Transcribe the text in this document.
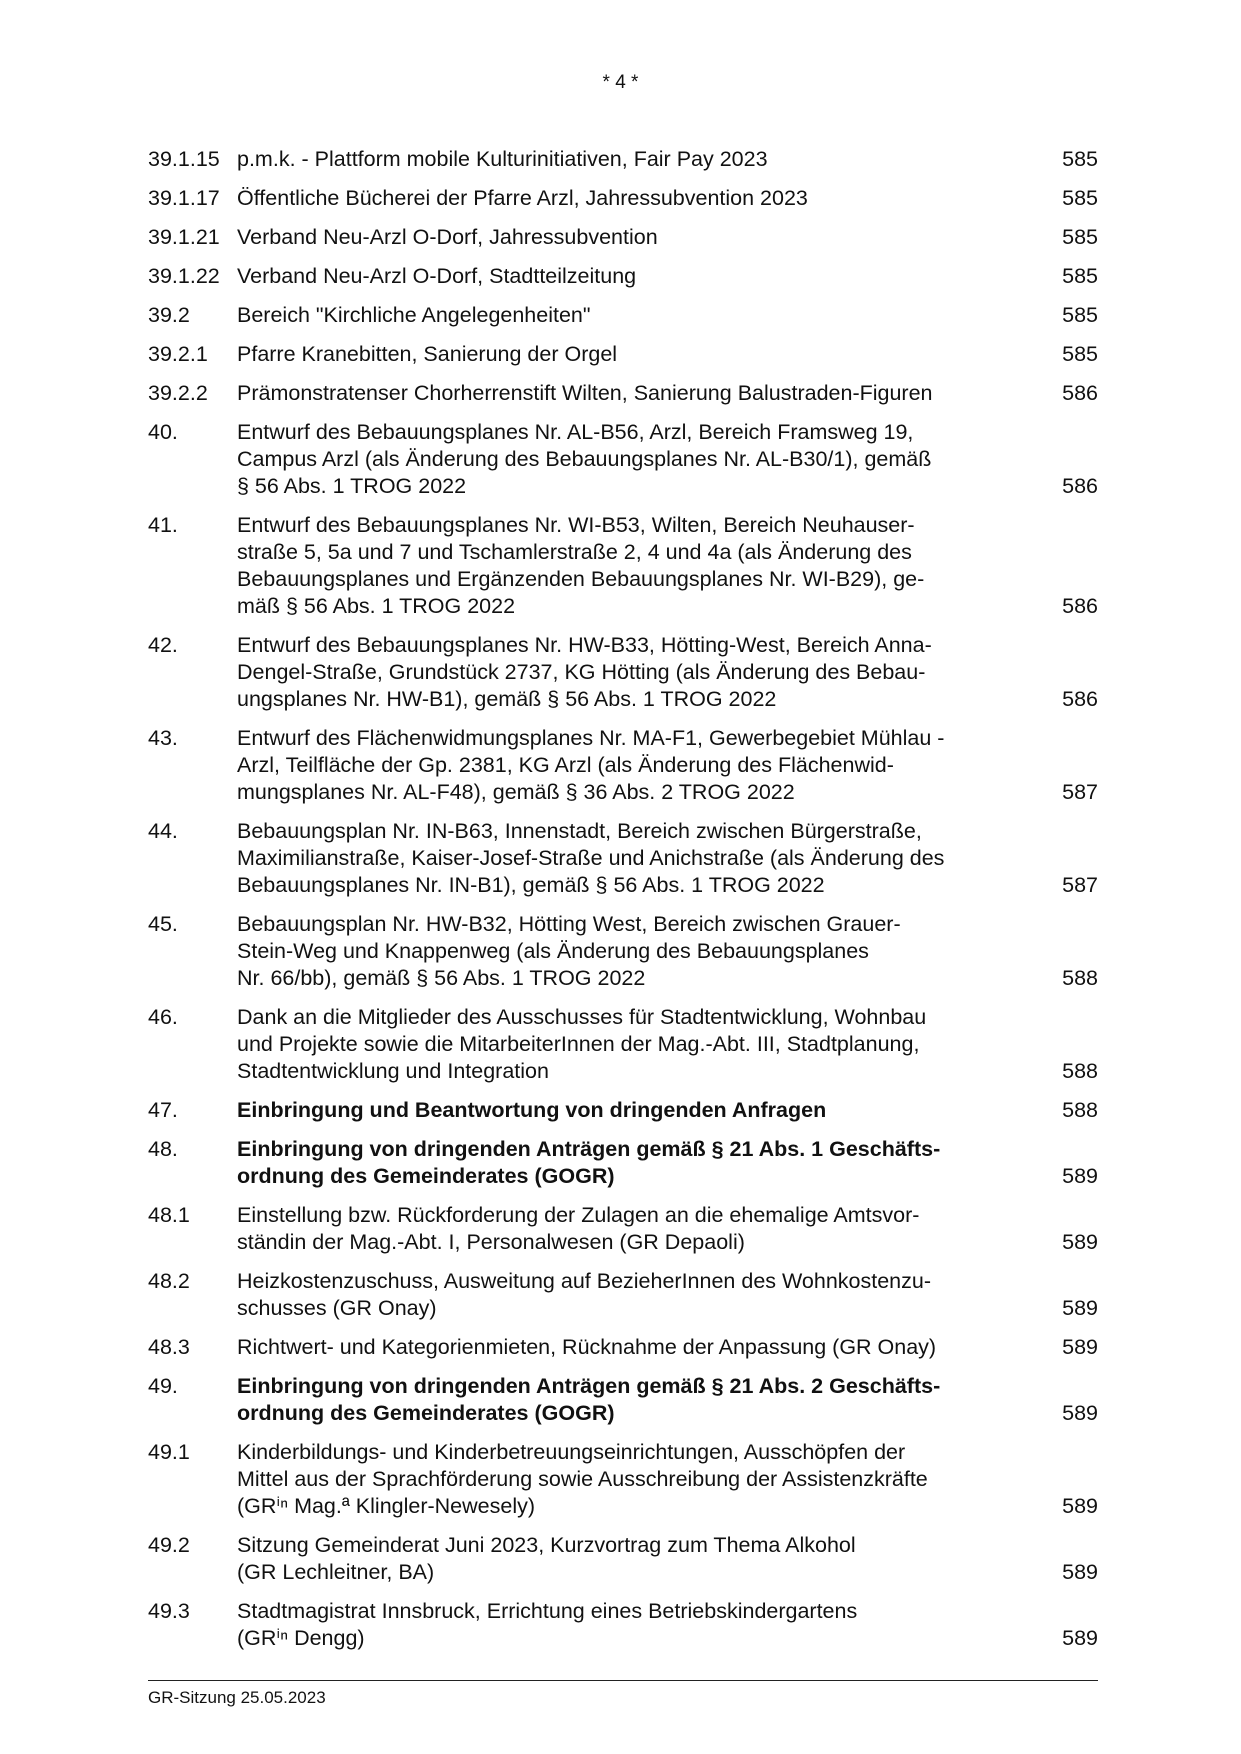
* 4 *
39.1.15 p.m.k. - Plattform mobile Kulturinitiativen, Fair Pay 2023	585
39.1.17 Öffentliche Bücherei der Pfarre Arzl, Jahressubvention 2023	585
39.1.21 Verband Neu-Arzl O-Dorf, Jahressubvention	585
39.1.22 Verband Neu-Arzl O-Dorf, Stadtteilzeitung	585
39.2	Bereich "Kirchliche Angelegenheiten"	585
39.2.1	Pfarre Kranebitten, Sanierung der Orgel	585
39.2.2	Prämonstratenser Chorherrenstift Wilten, Sanierung Balustraden-Figuren	586
40.	Entwurf des Bebauungsplanes Nr. AL-B56, Arzl, Bereich Framsweg 19,
Campus Arzl (als Änderung des Bebauungsplanes Nr. AL-B30/1), gemäß
§ 56 Abs. 1 TROG 2022	586
41.	Entwurf des Bebauungsplanes Nr. WI-B53, Wilten, Bereich Neuhauser-
straße 5, 5a und 7 und Tschamlerstraße 2, 4 und 4a (als Änderung des
Bebauungsplanes und Ergänzenden Bebauungsplanes Nr. WI-B29), ge-
mäß § 56 Abs. 1 TROG 2022	586
42.	Entwurf des Bebauungsplanes Nr. HW-B33, Hötting-West, Bereich Anna-
Dengel-Straße, Grundstück 2737, KG Hötting (als Änderung des Bebau-
ungsplanes Nr. HW-B1), gemäß § 56 Abs. 1 TROG 2022	586
43.	Entwurf des Flächenwidmungsplanes Nr. MA-F1, Gewerbegebiet Mühlau -
Arzl, Teilfläche der Gp. 2381, KG Arzl (als Änderung des Flächenwid-
mungsplanes Nr. AL-F48), gemäß § 36 Abs. 2 TROG 2022	587
44.	Bebauungsplan Nr. IN-B63, Innenstadt, Bereich zwischen Bürgerstraße,
Maximilianstraße, Kaiser-Josef-Straße und Anichstraße (als Änderung des
Bebauungsplanes Nr. IN-B1), gemäß § 56 Abs. 1 TROG 2022	587
45.	Bebauungsplan Nr. HW-B32, Hötting West, Bereich zwischen Grauer-
Stein-Weg und Knappenweg (als Änderung des Bebauungsplanes
Nr. 66/bb), gemäß § 56 Abs. 1 TROG 2022	588
46.	Dank an die Mitglieder des Ausschusses für Stadtentwicklung, Wohnbau
und Projekte sowie die MitarbeiterInnen der Mag.-Abt. III, Stadtplanung,
Stadtentwicklung und Integration	588
47.	Einbringung und Beantwortung von dringenden Anfragen	588
48.	Einbringung von dringenden Anträgen gemäß § 21 Abs. 1 Geschäfts-
ordnung des Gemeinderates (GOGR)	589
48.1	Einstellung bzw. Rückforderung der Zulagen an die ehemalige Amtsvor-
ständin der Mag.-Abt. I, Personalwesen (GR Depaoli)	589
48.2	Heizkostenzuschuss, Ausweitung auf BezieherInnen des Wohnkostenzu-
schusses (GR Onay)	589
48.3	Richtwert- und Kategorienmieten, Rücknahme der Anpassung (GR Onay)	589
49.	Einbringung von dringenden Anträgen gemäß § 21 Abs. 2 Geschäfts-
ordnung des Gemeinderates (GOGR)	589
49.1	Kinderbildungs- und Kinderbetreuungseinrichtungen, Ausschöpfen der
Mittel aus der Sprachförderung sowie Ausschreibung der Assistenzkräfte
(GRⁱⁿ Mag.ª Klingler-Newesely)	589
49.2	Sitzung Gemeinderat Juni 2023, Kurzvortrag zum Thema Alkohol
(GR Lechleitner, BA)	589
49.3	Stadtmagistrat Innsbruck, Errichtung eines Betriebskindergartens
(GRⁱⁿ Dengg)	589
GR-Sitzung 25.05.2023
